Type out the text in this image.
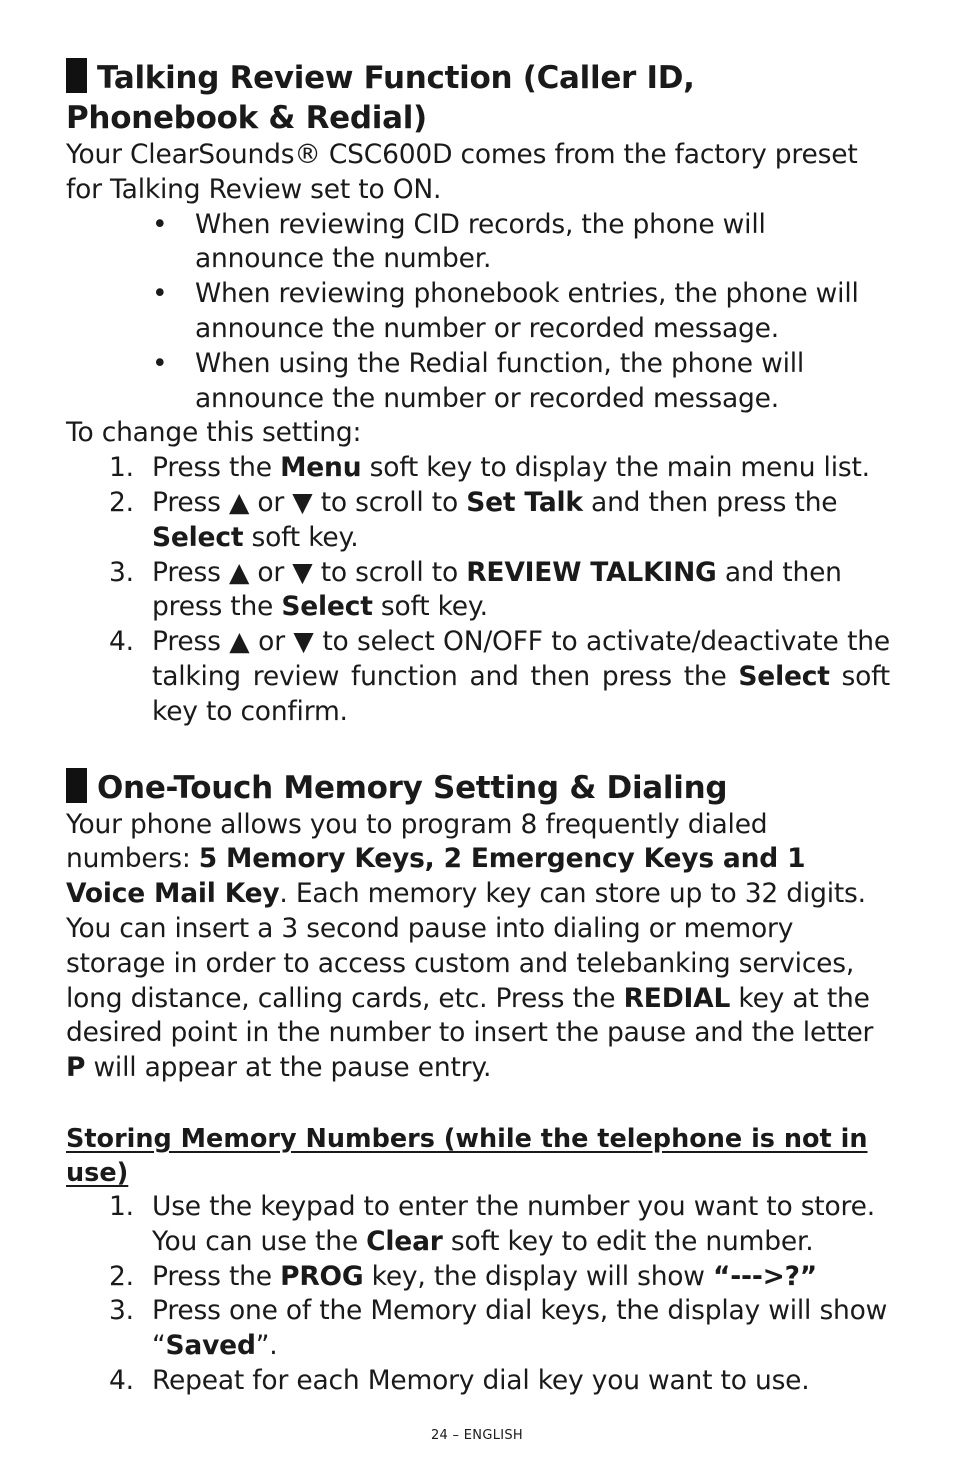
Talking Review Function (Caller ID, Phonebook & Redial)

Your ClearSounds® CSC600D comes from the factory preset for Talking Review set to ON.

• When reviewing CID records, the phone will announce the number.
• When reviewing phonebook entries, the phone will announce the number or recorded message.
• When using the Redial function, the phone will announce the number or recorded message.

To change this setting:

1. Press the Menu soft key to display the main menu list.
2. Press ▲ or ▼ to scroll to Set Talk and then press the Select soft key.
3. Press ▲ or ▼ to scroll to REVIEW TALKING and then press the Select soft key.
4. Press ▲ or ▼ to select ON/OFF to activate/deactivate the talking review function and then press the Select soft key to confirm.
One-Touch Memory Setting & Dialing

Your phone allows you to program 8 frequently dialed numbers: 5 Memory Keys, 2 Emergency Keys and 1 Voice Mail Key. Each memory key can store up to 32 digits. You can insert a 3 second pause into dialing or memory storage in order to access custom and telebanking services, long distance, calling cards, etc. Press the REDIAL key at the desired point in the number to insert the pause and the letter P will appear at the pause entry.

Storing Memory Numbers (while the telephone is not in use)
1. Use the keypad to enter the number you want to store. You can use the Clear soft key to edit the number.
2. Press the PROG key, the display will show “--->?”
3. Press one of the Memory dial keys, the display will show “Saved”.
4. Repeat for each Memory dial key you want to use.
24 – ENGLISH
